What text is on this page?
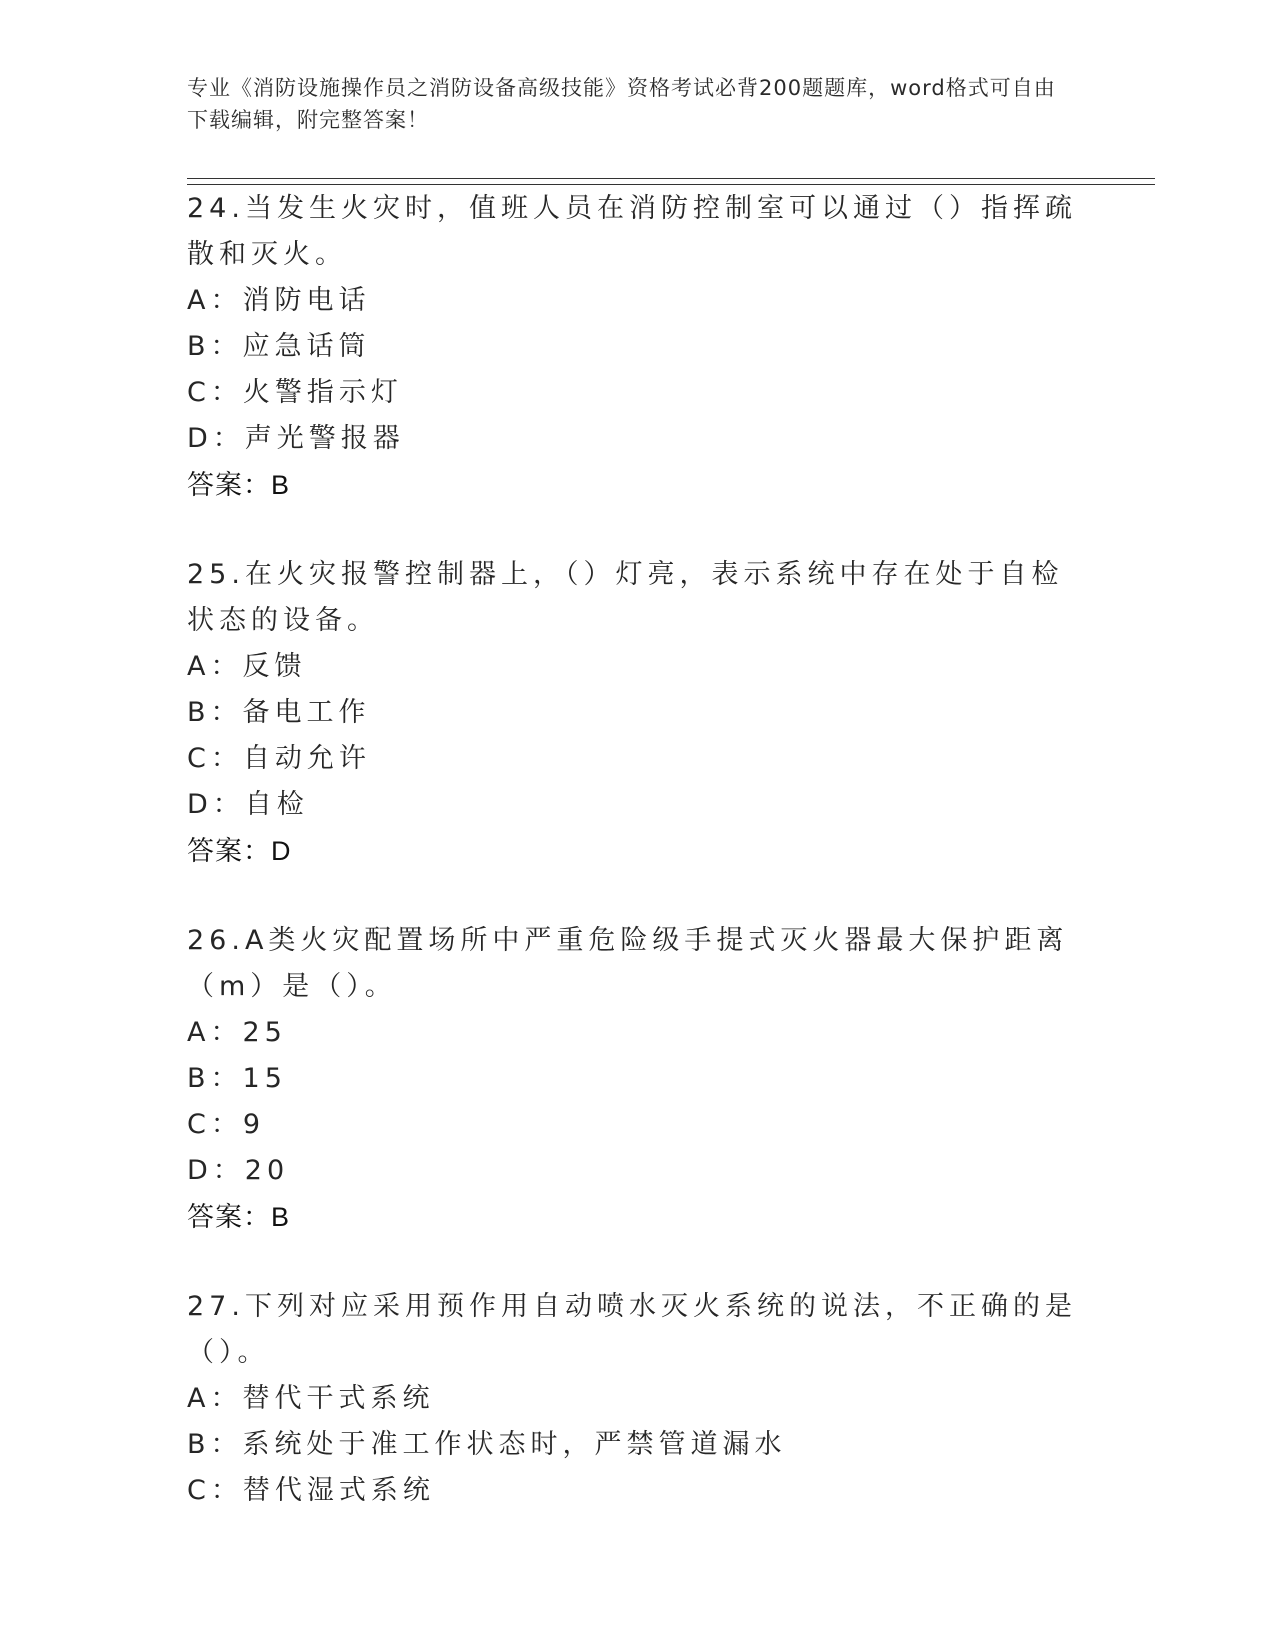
专业《消防设施操作员之消防设备高级技能》资格考试必背200题题库，word格式可自由下载编辑，附完整答案！

24.当发生火灾时，值班人员在消防控制室可以通过（）指挥疏散和灭火。

A：消防电话
B：应急话筒
C：火警指示灯
D：声光警报器
答案：B

25.在火灾报警控制器上，（）灯亮，表示系统中存在处于自检状态的设备。

A：反馈
B：备电工作
C：自动允许
D：自检
答案：D

26.A类火灾配置场所中严重危险级手提式灭火器最大保护距离（m）是（）。

A：25
B：15
C：9
D：20
答案：B

27.下列对应采用预作用自动喷水灭火系统的说法，不正确的是（）。

A：替代干式系统
B：系统处于准工作状态时，严禁管道漏水
C：替代湿式系统
